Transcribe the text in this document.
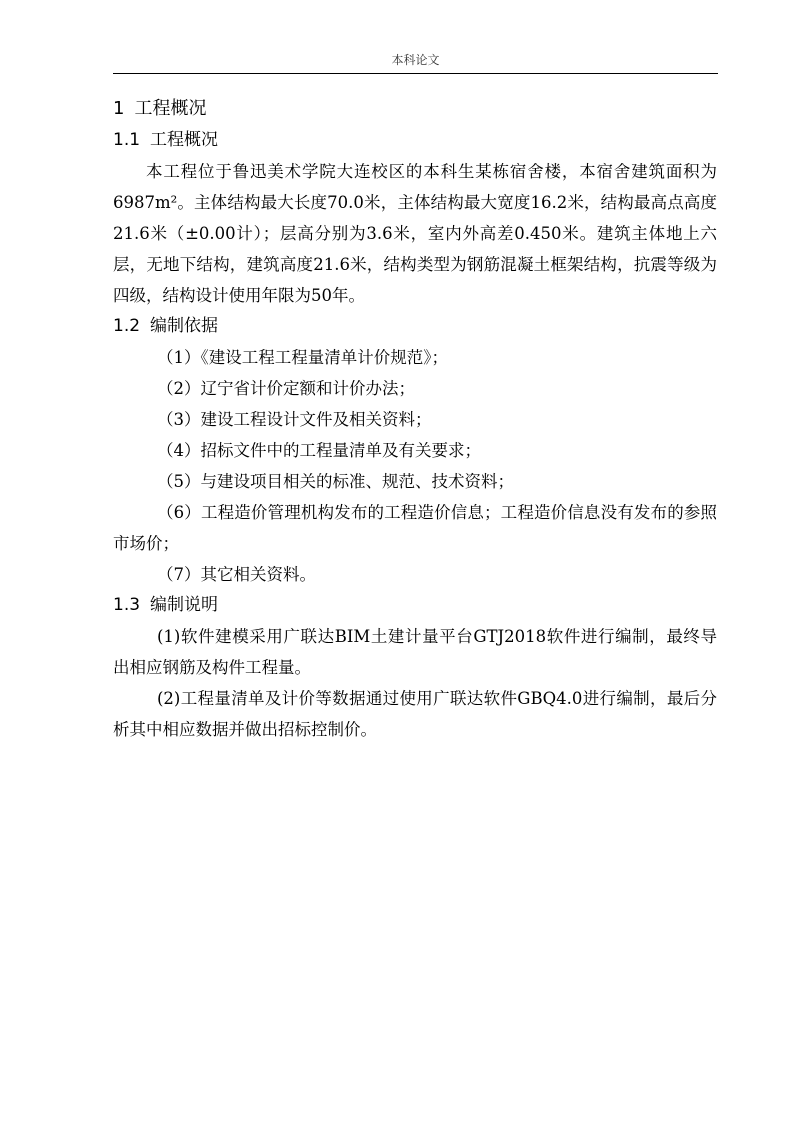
本科论文
1 工程概况
1.1 工程概况

本工程位于鲁迅美术学院大连校区的本科生某栋宿舍楼，本宿舍建筑面积为6987m²。主体结构最大长度70.0米，主体结构最大宽度16.2米，结构最高点高度21.6米（±0.00计）；层高分别为3.6米，室内外高差0.450米。建筑主体地上六层，无地下结构，建筑高度21.6米，结构类型为钢筋混凝土框架结构，抗震等级为四级，结构设计使用年限为50年。

1.2 编制依据

（1）《建设工程工程量清单计价规范》；

（2）辽宁省计价定额和计价办法；

（3）建设工程设计文件及相关资料；

（4）招标文件中的工程量清单及有关要求；

（5）与建设项目相关的标准、规范、技术资料；

（6）工程造价管理机构发布的工程造价信息；工程造价信息没有发布的参照市场价；

（7）其它相关资料。

1.3 编制说明

(1)软件建模采用广联达BIM土建计量平台GTJ2018软件进行编制，最终导出相应钢筋及构件工程量。

(2)工程量清单及计价等数据通过使用广联达软件GBQ4.0进行编制，最后分析其中相应数据并做出招标控制价。
